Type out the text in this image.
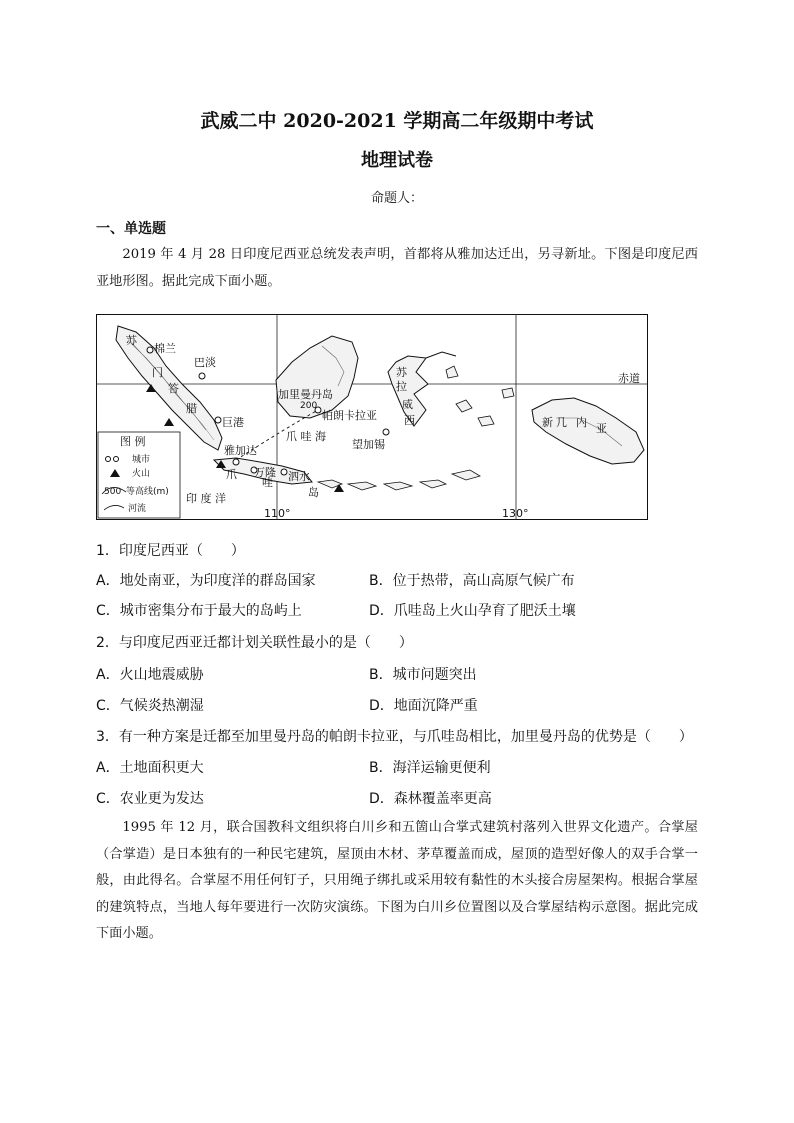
武威二中 2020-2021 学期高二年级期中考试
地理试卷
命题人：
一、单选题
2019 年 4 月 28 日印度尼西亚总统发表声明，首都将从雅加达迁出，另寻新址。下图是印度尼西亚地形图。据此完成下面小题。
棉兰
巴淡
苏
门
答
腊
巨港
加里曼丹岛
200
帕朗卡拉亚
苏
拉
威
西
望加锡
赤道
新 几 内 亚
爪 哇 海
雅加达
爪
哇
岛
万隆 泗水
印 度 洋
110°	130°
图 例
城市
火山
500 等高线(m)
河流
1．印度尼西亚（　　）
A．地处南亚，为印度洋的群岛国家	B．位于热带，高山高原气候广布
C．城市密集分布于最大的岛屿上	D．爪哇岛上火山孕育了肥沃土壤
2．与印度尼西亚迁都计划关联性最小的是（　　）
A．火山地震威胁	B．城市问题突出
C．气候炎热潮湿	D．地面沉降严重
3．有一种方案是迁都至加里曼丹岛的帕朗卡拉亚，与爪哇岛相比，加里曼丹岛的优势是（　　）
A．土地面积更大	B．海洋运输更便利
C．农业更为发达	D．森林覆盖率更高
1995 年 12 月，联合国教科文组织将白川乡和五箇山合掌式建筑村落列入世界文化遗产。合掌屋（合掌造）是日本独有的一种民宅建筑，屋顶由木材、茅草覆盖而成，屋顶的造型好像人的双手合掌一般，由此得名。合掌屋不用任何钉子，只用绳子绑扎或采用较有黏性的木头接合房屋架构。根据合掌屋的建筑特点，当地人每年要进行一次防灾演练。下图为白川乡位置图以及合掌屋结构示意图。据此完成下面小题。
